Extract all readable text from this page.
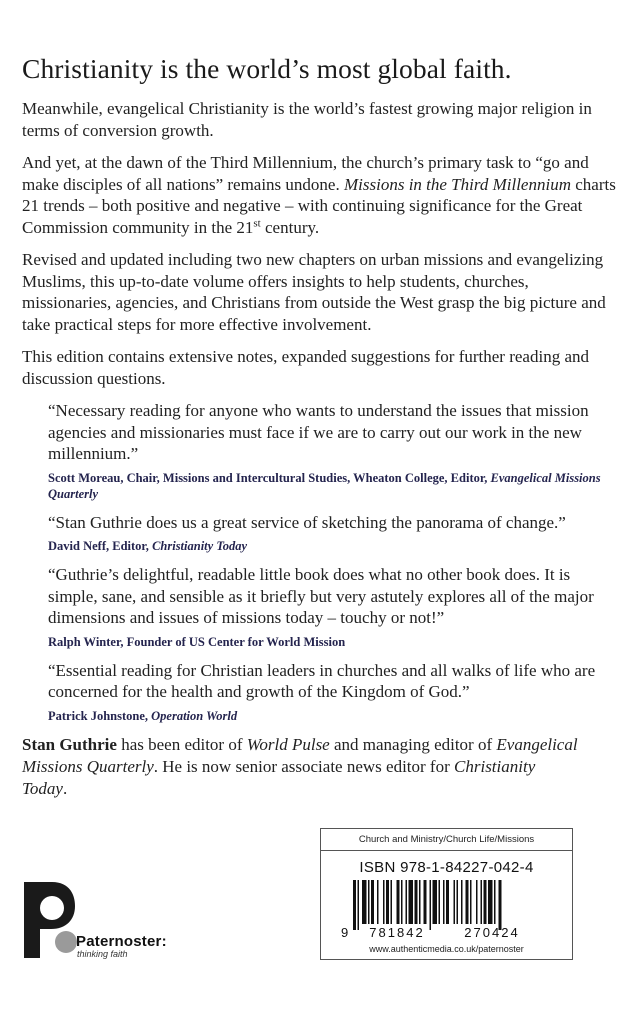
Christianity is the world’s most global faith.

Meanwhile, evangelical Christianity is the world’s fastest growing major religion in terms of conversion growth.

And yet, at the dawn of the Third Millennium, the church’s primary task to “go and make disciples of all nations” remains undone. Missions in the Third Millennium charts 21 trends – both positive and negative – with continuing significance for the Great Commission community in the 21st century.

Revised and updated including two new chapters on urban missions and evangelizing Muslims, this up-to-date volume offers insights to help students, churches, missionaries, agencies, and Christians from outside the West grasp the big picture and take practical steps for more effective involvement.

This edition contains extensive notes, expanded suggestions for further reading and discussion questions.

“Necessary reading for anyone who wants to understand the issues that mission agencies and missionaries must face if we are to carry out our work in the new millennium.”

Scott Moreau, Chair, Missions and Intercultural Studies, Wheaton College, Editor, Evangelical Missions Quarterly

“Stan Guthrie does us a great service of sketching the panorama of change.”

David Neff, Editor, Christianity Today

“Guthrie’s delightful, readable little book does what no other book does. It is simple, sane, and sensible as it briefly but very astutely explores all of the major dimensions and issues of missions today – touchy or not!”

Ralph Winter, Founder of US Center for World Mission

“Essential reading for Christian leaders in churches and all walks of life who are concerned for the health and growth of the Kingdom of God.”

Patrick Johnstone, Operation World

Stan Guthrie has been editor of World Pulse and managing editor of Evangelical Missions Quarterly. He is now senior associate news editor for Christianity Today.

Paternoster:
thinking faith
Church and Ministry/Church Life/Missions
ISBN 978-1-84227-042-4
9 781842	270424
www.authenticmedia.co.uk/paternoster
